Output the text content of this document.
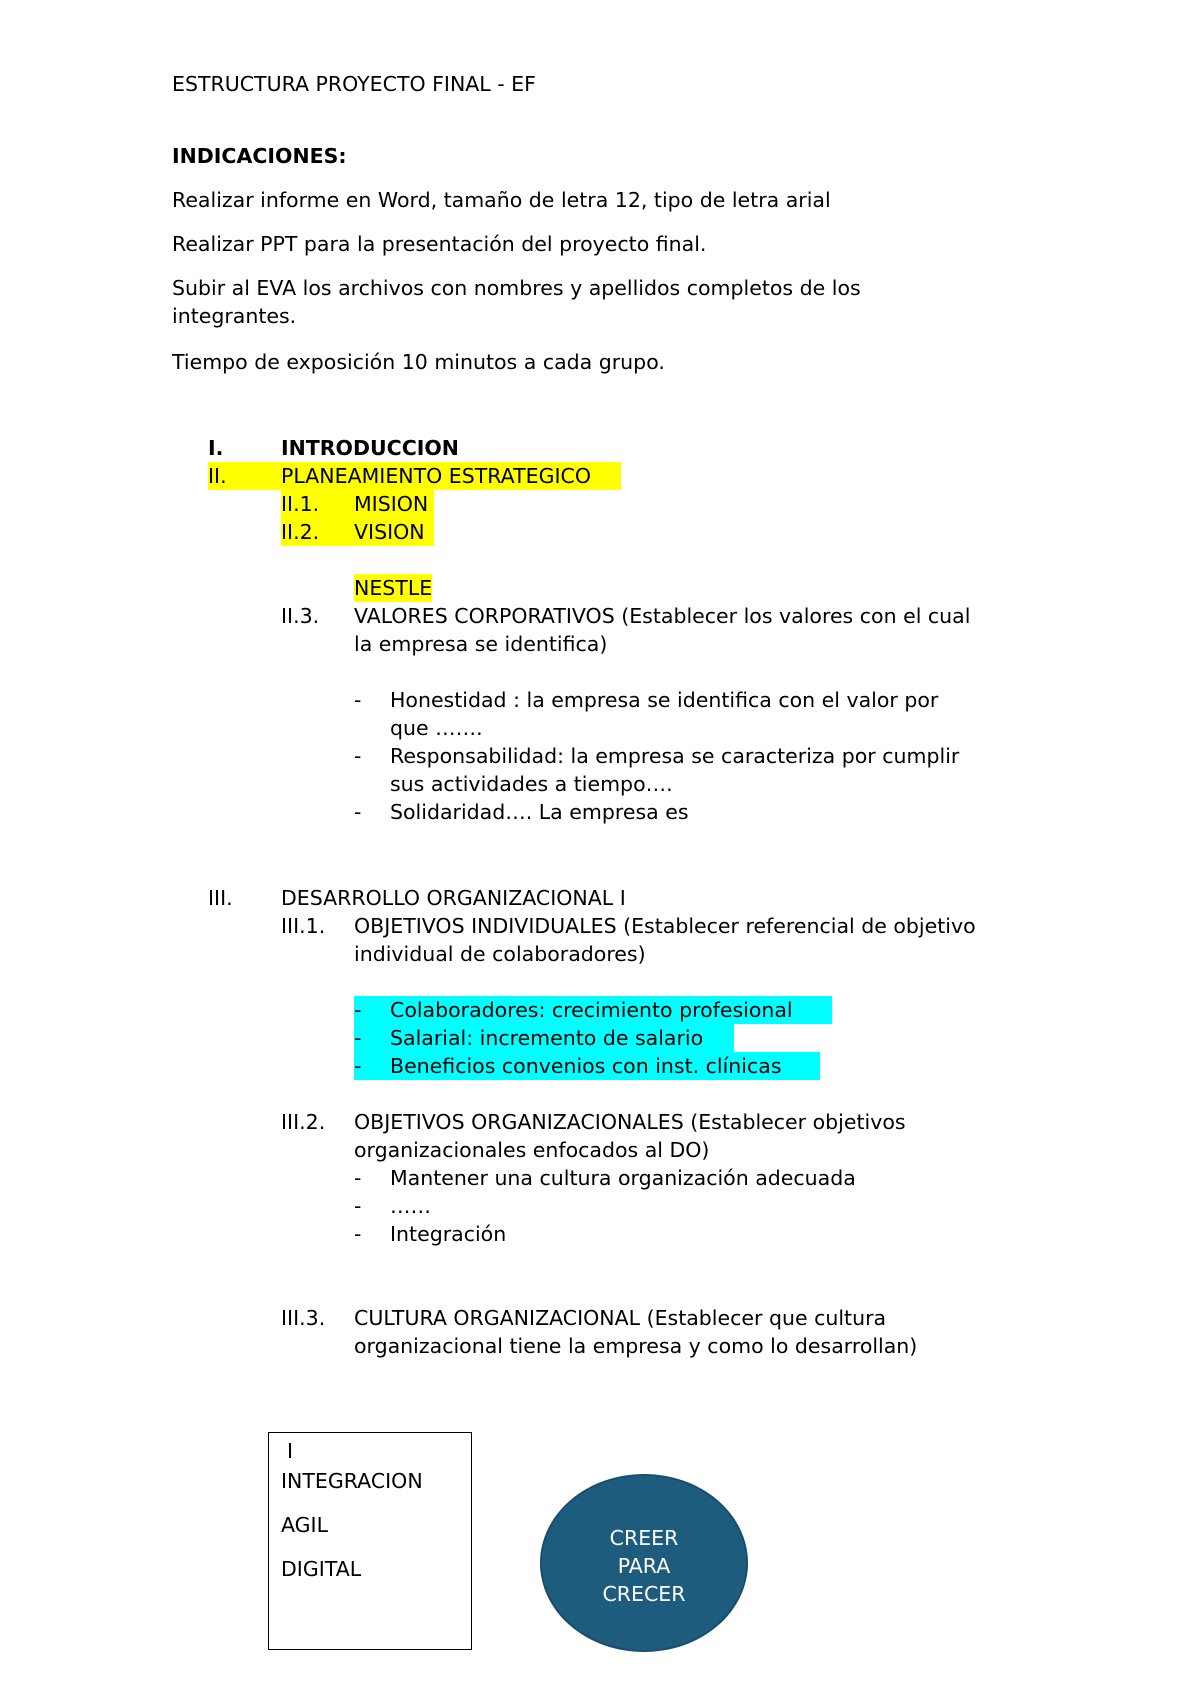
ESTRUCTURA PROYECTO FINAL - EF
INDICACIONES:
Realizar informe en Word, tamaño de letra 12, tipo de letra arial
Realizar PPT para la presentación del proyecto final.
Subir al EVA los archivos con nombres y apellidos completos de los
integrantes.
Tiempo de exposición 10 minutos a cada grupo.
I.	INTRODUCCION
II.	PLANEAMIENTO ESTRATEGICO
II.1. MISION
II.2. VISION
NESTLE
II.3. VALORES CORPORATIVOS (Establecer los valores con el cual
la empresa se identifica)
- Honestidad : la empresa se identifica con el valor por
que …….
- Responsabilidad: la empresa se caracteriza por cumplir
sus actividades a tiempo….
- Solidaridad…. La empresa es
III. DESARROLLO ORGANIZACIONAL I
III.1. OBJETIVOS INDIVIDUALES (Establecer referencial de objetivo
individual de colaboradores)
- Colaboradores: crecimiento profesional
- Salarial: incremento de salario
- Beneficios convenios con inst. clínicas
III.2. OBJETIVOS ORGANIZACIONALES (Establecer objetivos
organizacionales enfocados al DO)
- Mantener una cultura organización adecuada
- ……
- Integración
III.3. CULTURA ORGANIZACIONAL (Establecer que cultura
organizacional tiene la empresa y como lo desarrollan)
I
INTEGRACION
AGIL
DIGITAL
CREER
PARA
CRECER
